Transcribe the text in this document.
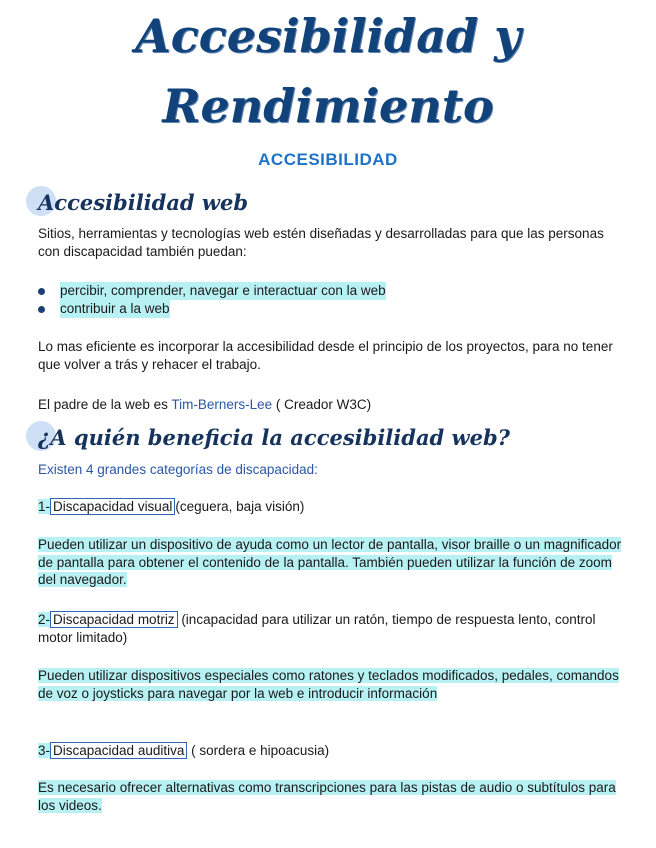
Accesibilidad y
Rendimiento
ACCESIBILIDAD
Accesibilidad web
Sitios, herramientas y tecnologías web estén diseñadas y desarrolladas para que las personas con discapacidad también puedan:
percibir, comprender, navegar e interactuar con la web
contribuir a la web
Lo mas eficiente es incorporar la accesibilidad desde el principio de los proyectos, para no tener que volver a trás y rehacer el trabajo.
El padre de la web es Tim-Berners-Lee ( Creador W3C)
¿A quién beneficia la accesibilidad web?
Existen 4 grandes categorías de discapacidad:
1- Discapacidad visual (ceguera, baja visión)
Pueden utilizar un dispositivo de ayuda como un lector de pantalla, visor braille o un magnificador de pantalla para obtener el contenido de la pantalla. También pueden utilizar la función de zoom del navegador.
2- Discapacidad motriz (incapacidad para utilizar un ratón, tiempo de respuesta lento, control motor limitado)
Pueden utilizar dispositivos especiales como ratones y teclados modificados, pedales, comandos de voz o joysticks para navegar por la web e introducir información
3- Discapacidad auditiva ( sordera e hipoacusia)
Es necesario ofrecer alternativas como transcripciones para las pistas de audio o subtítulos para los videos.
